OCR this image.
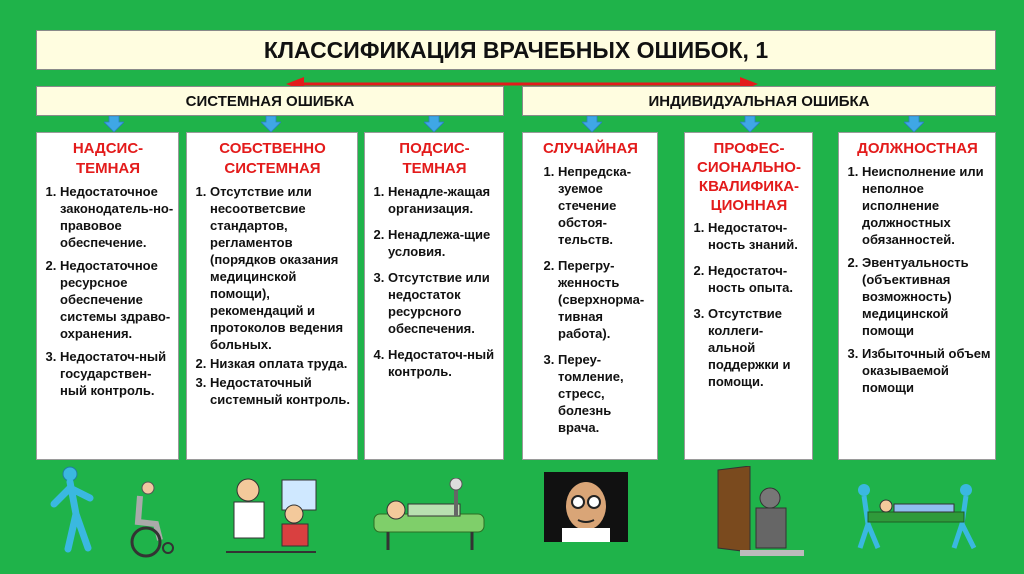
КЛАССИФИКАЦИЯ ВРАЧЕБНЫХ ОШИБОК, 1
СИСТЕМНАЯ ОШИБКА	ИНДИВИДУАЛЬНАЯ ОШИБКА
НАДСИС-
ТЕМНАЯ
1. Недостаточное законодатель-но-правовое обеспечение.
2. Недостаточное ресурсное обеспечение системы здраво-охранения.
3. Недостаточ-ный государствен-ный контроль.
СОБСТВЕННО
СИСТЕМНАЯ
1. Отсутствие или несоответсвие стандартов, регламентов (порядков оказания медицинской помощи), рекомендаций и протоколов ведения больных.
2. Низкая оплата труда.
3. Недостаточный системный контроль.
ПОДСИС-
ТЕМНАЯ
1. Ненадле-жащая организация.
2. Ненадлежа-щие условия.
3. Отсутствие или недостаток ресурсного обеспечения.
4. Недостаточ-ный контроль.
СЛУЧАЙНАЯ
1. Непредска-зуемое стечение обстоя-тельств.
2. Перегру-женность (сверхнорма-тивная работа).
3. Переу-томление, стресс, болезнь врача.
ПРОФЕС-
СИОНАЛЬНО-
КВАЛИФИКА-
ЦИОННАЯ
1. Недостаточ-ность знаний.
2. Недостаточ-ность опыта.
3. Отсутствие коллеги-альной поддержки и помощи.
ДОЛЖНОСТНАЯ
1. Неисполнение или неполное исполнение должностных обязанностей.
2. Эвентуальность (объективная возможность) медицинской помощи
3. Избыточный объем оказываемой помощи
